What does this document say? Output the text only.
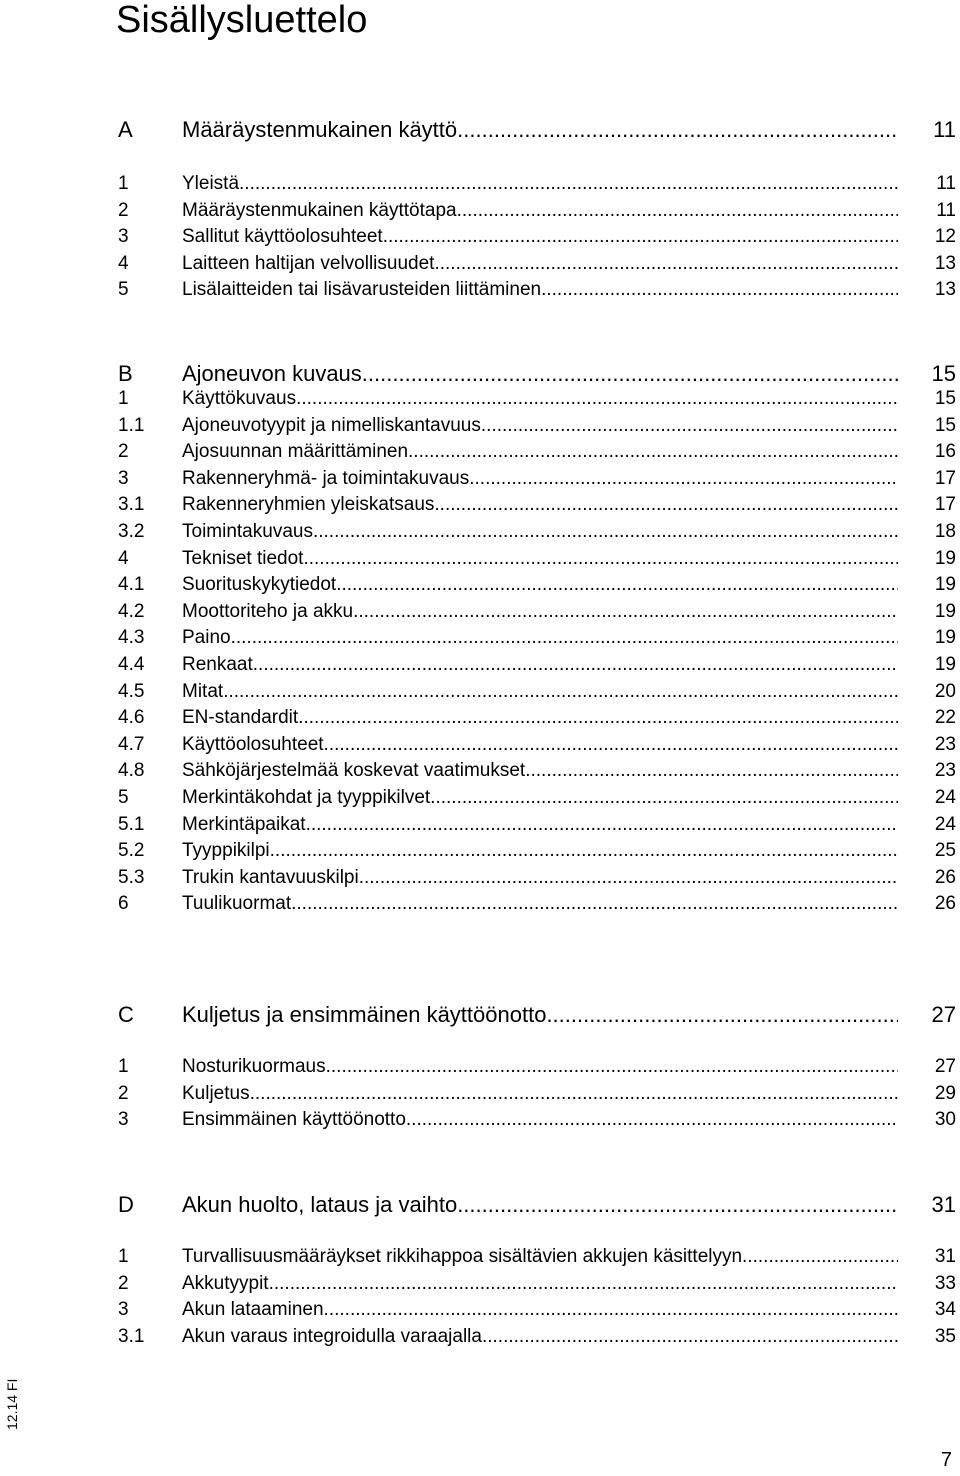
Sisällysluettelo
A	Määräystenmukainen käyttö .....	11
1	Yleistä .....	11
2	Määräystenmukainen käyttötapa .....	11
3	Sallitut käyttöolosuhteet .....	12
4	Laitteen haltijan velvollisuudet .....	13
5	Lisälaitteiden tai lisävarusteiden liittäminen .....	13
B	Ajoneuvon kuvaus .....	15
1	Käyttökuvaus .....	15
1.1	Ajoneuvotyypit ja nimelliskantavuus .....	15
2	Ajosuunnan määrittäminen .....	16
3	Rakenneryhmä- ja toimintakuvaus .....	17
3.1	Rakenneryhmien yleiskatsaus .....	17
3.2	Toimintakuvaus .....	18
4	Tekniset tiedot .....	19
4.1	Suorituskykytiedot .....	19
4.2	Moottoriteho ja akku .....	19
4.3	Paino .....	19
4.4	Renkaat .....	19
4.5	Mitat .....	20
4.6	EN-standardit .....	22
4.7	Käyttöolosuhteet .....	23
4.8	Sähköjärjestelmää koskevat vaatimukset .....	23
5	Merkintäkohdat ja tyyppikilvet .....	24
5.1	Merkintäpaikat .....	24
5.2	Tyyppikilpi .....	25
5.3	Trukin kantavuuskilpi .....	26
6	Tuulikuormat .....	26
C	Kuljetus ja ensimmäinen käyttöönotto .....	27
1	Nosturikuormaus .....	27
2	Kuljetus .....	29
3	Ensimmäinen käyttöönotto .....	30
D	Akun huolto, lataus ja vaihto .....	31
1	Turvallisuusmääräykset rikkihappoa sisältävien akkujen käsittelyyn .....	31
2	Akkutyypit .....	33
3	Akun lataaminen .....	34
3.1	Akun varaus integroidulla varaajalla .....	35
12.14 FI
7
